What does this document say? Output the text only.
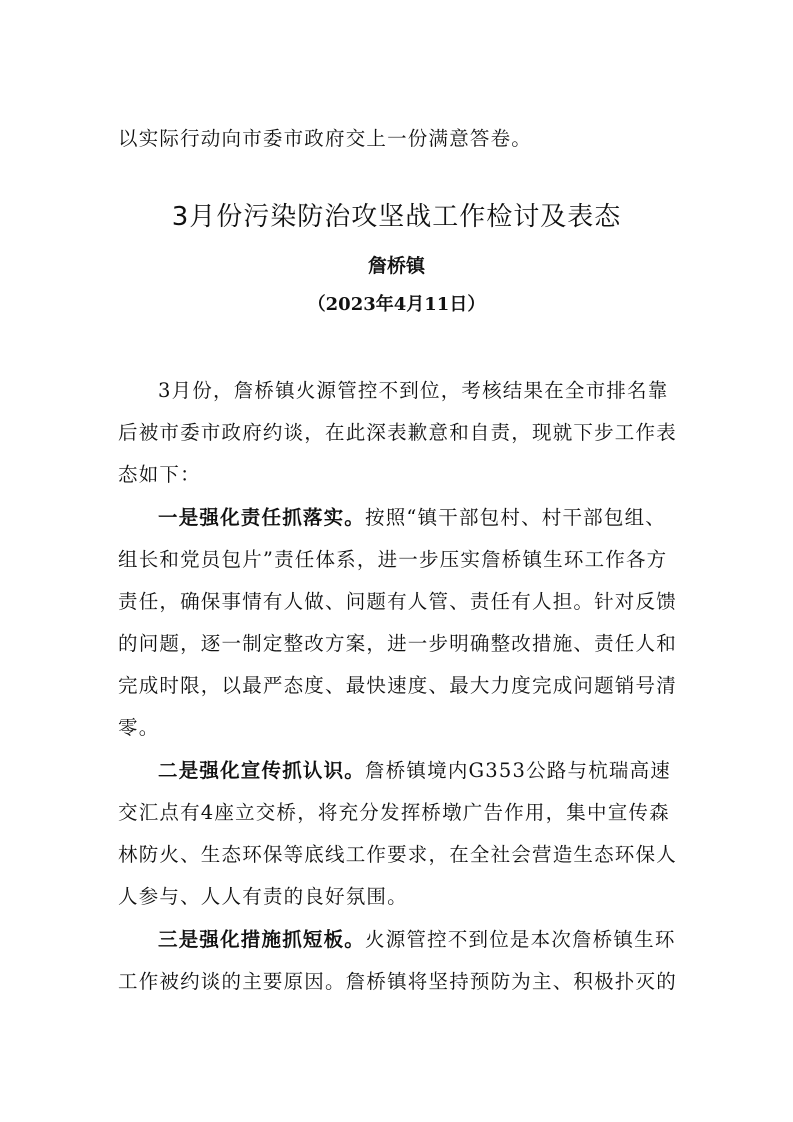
以实际行动向市委市政府交上一份满意答卷。
3月份污染防治攻坚战工作检讨及表态
詹桥镇
（2023年4月11日）
3月份，詹桥镇火源管控不到位，考核结果在全市排名靠
后被市委市政府约谈，在此深表歉意和自责，现就下步工作表
态如下：
一是强化责任抓落实。按照“镇干部包村、村干部包组、
组长和党员包片”责任体系，进一步压实詹桥镇生环工作各方
责任，确保事情有人做、问题有人管、责任有人担。针对反馈
的问题，逐一制定整改方案，进一步明确整改措施、责任人和
完成时限，以最严态度、最快速度、最大力度完成问题销号清
零。
二是强化宣传抓认识。詹桥镇境内G353公路与杭瑞高速
交汇点有4座立交桥，将充分发挥桥墩广告作用，集中宣传森
林防火、生态环保等底线工作要求，在全社会营造生态环保人
人参与、人人有责的良好氛围。
三是强化措施抓短板。火源管控不到位是本次詹桥镇生环
工作被约谈的主要原因。詹桥镇将坚持预防为主、积极扑灭的
